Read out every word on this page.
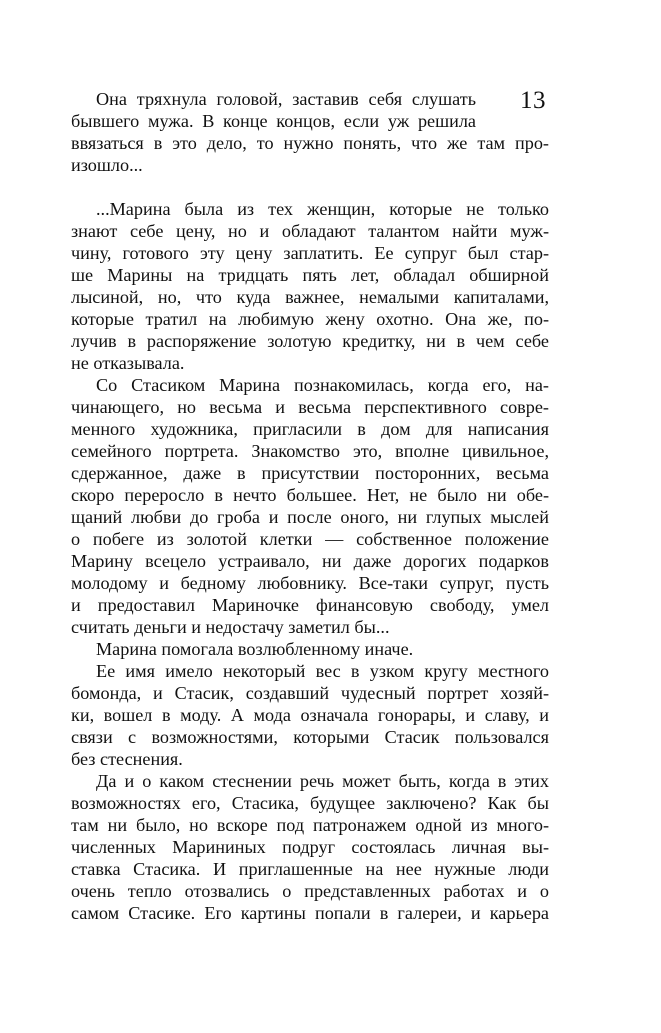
13
Она тряхнула головой, заставив себя слушать
бывшего мужа. В конце концов, если уж решила
ввязаться в это дело, то нужно понять, что же там про-
изошло...
...Марина была из тех женщин, которые не только
знают себе цену, но и обладают талантом найти муж-
чину, готового эту цену заплатить. Ее супруг был стар-
ше Марины на тридцать пять лет, обладал обширной
лысиной, но, что куда важнее, немалыми капиталами,
которые тратил на любимую жену охотно. Она же, по-
лучив в распоряжение золотую кредитку, ни в чем себе
не отказывала.
Со Стасиком Марина познакомилась, когда его, на-
чинающего, но весьма и весьма перспективного совре-
менного художника, пригласили в дом для написания
семейного портрета. Знакомство это, вполне цивильное,
сдержанное, даже в присутствии посторонних, весьма
скоро переросло в нечто большее. Нет, не было ни обе-
щаний любви до гроба и после оного, ни глупых мыслей
о побеге из золотой клетки — собственное положение
Марину всецело устраивало, ни даже дорогих подарков
молодому и бедному любовнику. Все-таки супруг, пусть
и предоставил Мариночке финансовую свободу, умел
считать деньги и недостачу заметил бы...
Марина помогала возлюбленному иначе.
Ее имя имело некоторый вес в узком кругу местного
бомонда, и Стасик, создавший чудесный портрет хозяй-
ки, вошел в моду. А мода означала гонорары, и славу, и
связи с возможностями, которыми Стасик пользовался
без стеснения.
Да и о каком стеснении речь может быть, когда в этих
возможностях его, Стасика, будущее заключено? Как бы
там ни было, но вскоре под патронажем одной из много-
численных Марининых подруг состоялась личная вы-
ставка Стасика. И приглашенные на нее нужные люди
очень тепло отозвались о представленных работах и о
самом Стасике. Его картины попали в галереи, и карьера
